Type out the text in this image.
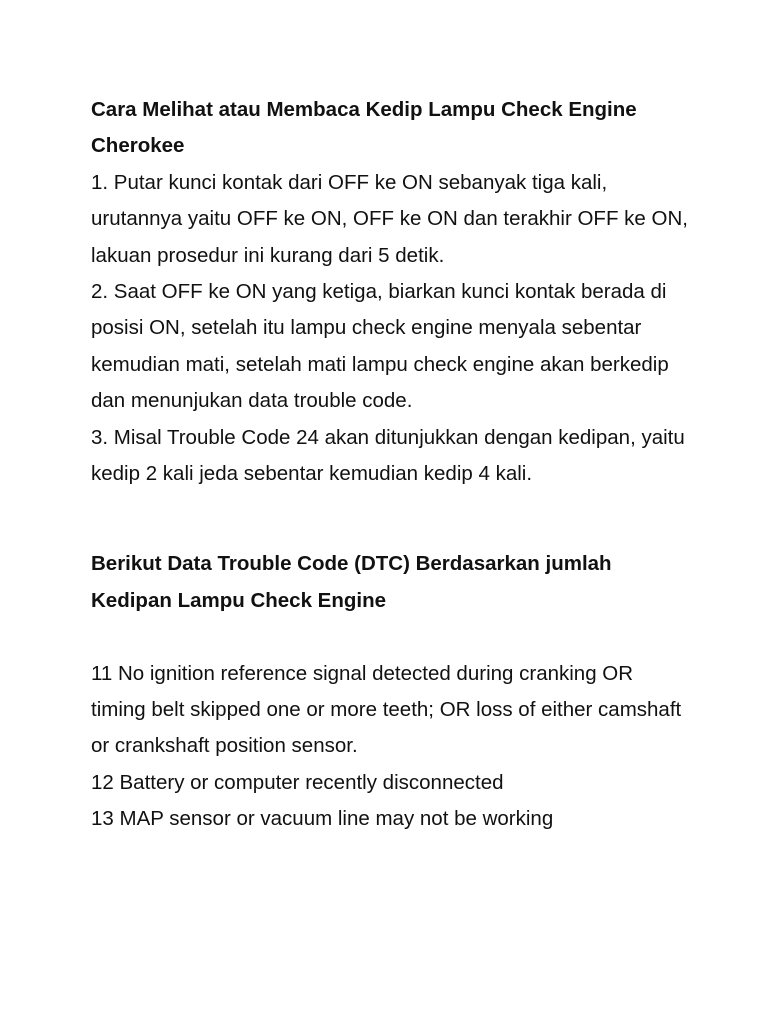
Cara Melihat atau Membaca Kedip Lampu Check Engine Cherokee

1. Putar kunci kontak dari OFF ke ON sebanyak tiga kali, urutannya yaitu OFF ke ON, OFF ke ON dan terakhir OFF ke ON, lakuan prosedur ini kurang dari 5 detik.

2. Saat OFF ke ON yang ketiga, biarkan kunci kontak berada di posisi ON, setelah itu lampu check engine menyala sebentar kemudian mati, setelah mati lampu check engine akan berkedip dan menunjukan data trouble code.

3. Misal Trouble Code 24 akan ditunjukkan dengan kedipan, yaitu kedip 2 kali jeda sebentar kemudian kedip 4 kali.

Berikut Data Trouble Code (DTC) Berdasarkan jumlah Kedipan Lampu Check Engine

11 No ignition reference signal detected during cranking OR timing belt skipped one or more teeth; OR loss of either camshaft or crankshaft position sensor.

12 Battery or computer recently disconnected

13 MAP sensor or vacuum line may not be working
